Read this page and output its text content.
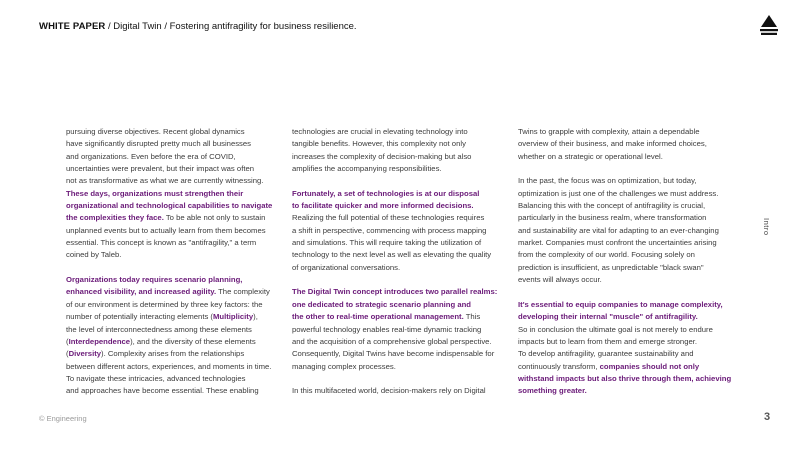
WHITE PAPER / Digital Twin / Fostering antifragility for business resilience.

pursuing diverse objectives. Recent global dynamics
have significantly disrupted pretty much all businesses
and organizations. Even before the era of COVID,
uncertainties were prevalent, but their impact was often
not as transformative as what we are currently witnessing.
These days, organizations must strengthen their
organizational and technological capabilities to navigate
the complexities they face. To be able not only to sustain
unplanned events but to actually learn from them becomes
essential. This concept is known as "antifragility," a term
coined by Taleb.

Organizations today requires scenario planning,
enhanced visibility, and increased agility. The complexity
of our environment is determined by three key factors: the
number of potentially interacting elements (Multiplicity),
the level of interconnectedness among these elements
(Interdependence), and the diversity of these elements
(Diversity). Complexity arises from the relationships
between different actors, experiences, and moments in time.
To navigate these intricacies, advanced technologies
and approaches have become essential. These enabling

technologies are crucial in elevating technology into
tangible benefits. However, this complexity not only
increases the complexity of decision-making but also
amplifies the accompanying responsibilities.

Fortunately, a set of technologies is at our disposal
to facilitate quicker and more informed decisions.
Realizing the full potential of these technologies requires
a shift in perspective, commencing with process mapping
and simulations. This will require taking the utilization of
technology to the next level as well as elevating the quality
of organizational conversations.

The Digital Twin concept introduces two parallel realms:
one dedicated to strategic scenario planning and
the other to real-time operational management. This
powerful technology enables real-time dynamic tracking
and the acquisition of a comprehensive global perspective.
Consequently, Digital Twins have become indispensable for
managing complex processes.

In this multifaceted world, decision-makers rely on Digital

Twins to grapple with complexity, attain a dependable
overview of their business, and make informed choices,
whether on a strategic or operational level.

In the past, the focus was on optimization, but today,
optimization is just one of the challenges we must address.
Balancing this with the concept of antifragility is crucial,
particularly in the business realm, where transformation
and sustainability are vital for adapting to an ever-changing
market. Companies must confront the uncertainties arising
from the complexity of our world. Focusing solely on
prediction is insufficient, as unpredictable "black swan"
events will always occur.

It's essential to equip companies to manage complexity,
developing their internal "muscle" of antifragility.
So in conclusion the ultimate goal is not merely to endure
impacts but to learn from them and emerge stronger.
To develop antifragility, guarantee sustainability and
continuously transform, companies should not only
withstand impacts but also thrive through them, achieving
something greater.

Intro
© Engineering	3
